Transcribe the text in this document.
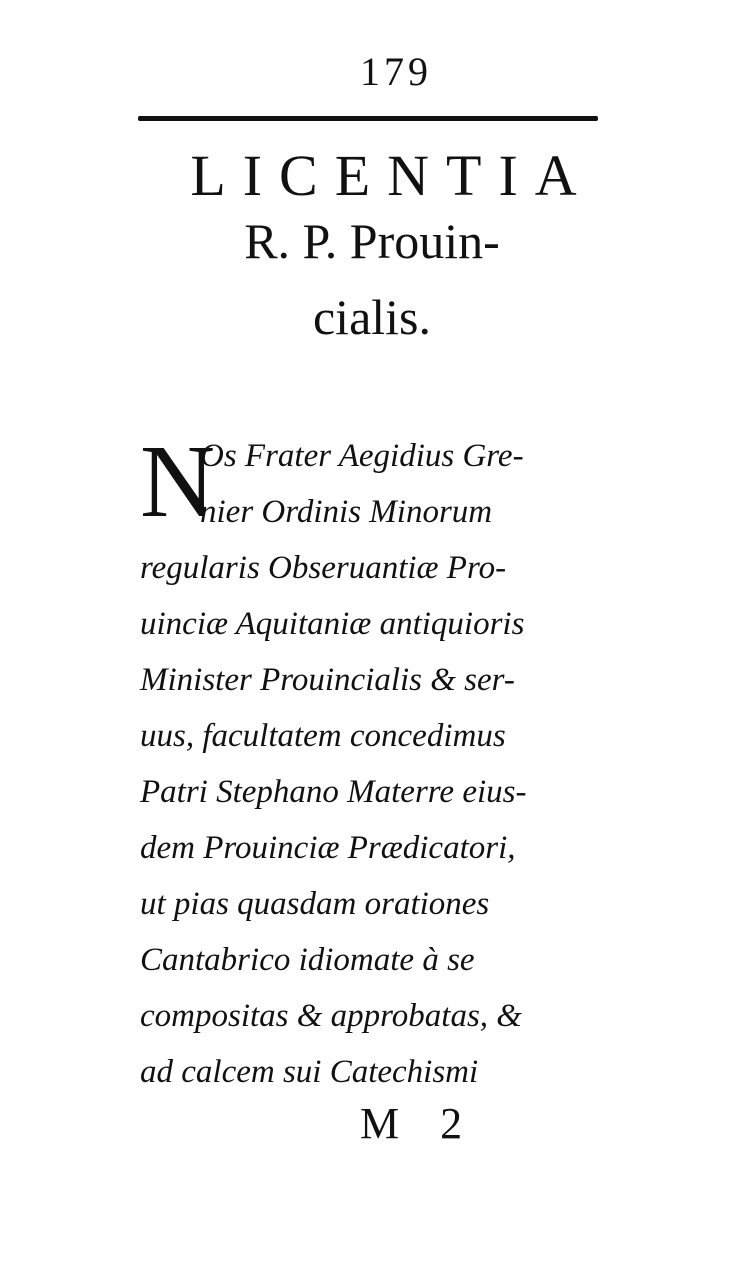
179
LICENTIA
R. P. Prouin-
cialis.
N
Os Frater Aegidius Gre-
nier Ordinis Minorum
regularis Obseruantiæ Pro-
uinciæ Aquitaniæ antiquioris
Minister Prouincialis & ser-
uus, facultatem concedimus
Patri Stephano Materre eius-
dem Prouinciæ Prædicatori,
ut pias quasdam orationes
Cantabrico idiomate à se
compositas & approbatas, &
ad calcem sui Catechismi
M 2
